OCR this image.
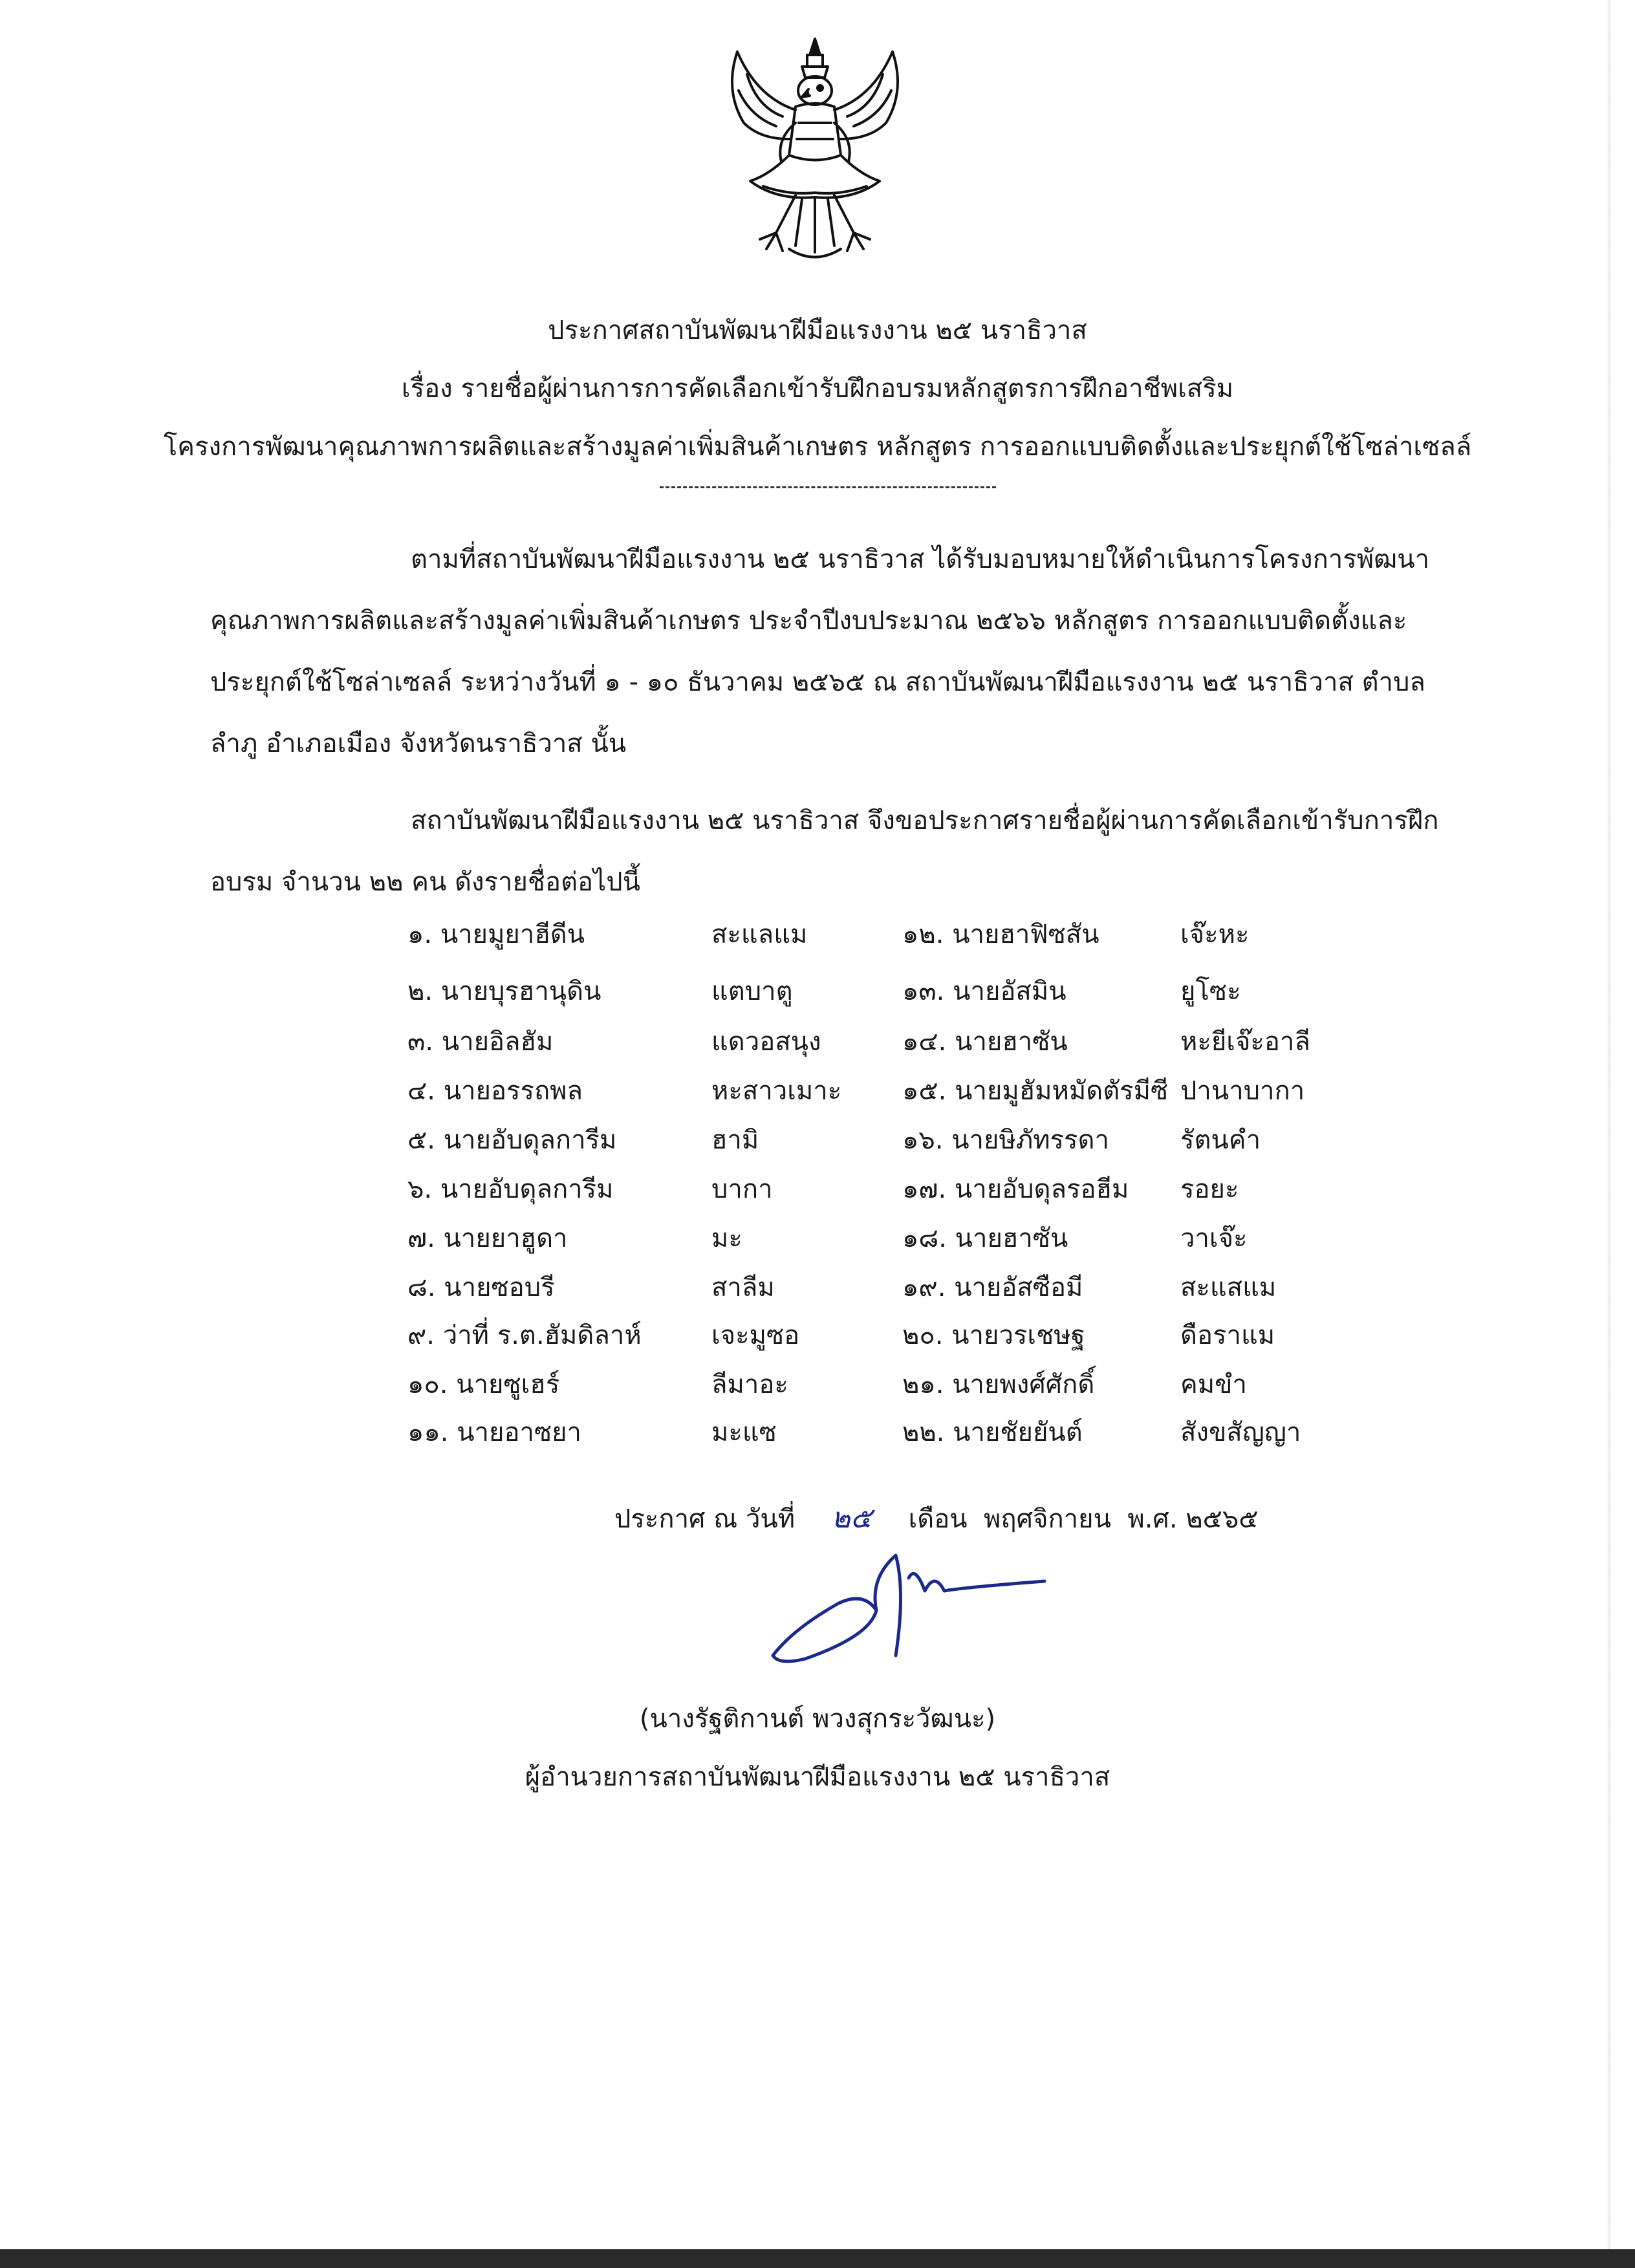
ประกาศสถาบันพัฒนาฝีมือแรงงาน ๒๕ นราธิวาส
เรื่อง รายชื่อผู้ผ่านการการคัดเลือกเข้ารับฝึกอบรมหลักสูตรการฝึกอาชีพเสริม
โครงการพัฒนาคุณภาพการผลิตและสร้างมูลค่าเพิ่มสินค้าเกษตร หลักสูตร การออกแบบติดตั้งและประยุกต์ใช้โซล่าเซลล์
ตามที่สถาบันพัฒนาฝีมือแรงงาน ๒๕ นราธิวาส ได้รับมอบหมายให้ดำเนินการโครงการพัฒนาคุณภาพการผลิตและสร้างมูลค่าเพิ่มสินค้าเกษตร ประจำปีงบประมาณ ๒๕๖๖ หลักสูตร การออกแบบติดตั้งและประยุกต์ใช้โซล่าเซลล์ ระหว่างวันที่ ๑ - ๑๐ ธันวาคม ๒๕๖๕ ณ สถาบันพัฒนาฝีมือแรงงาน ๒๕ นราธิวาส ตำบลลำภู อำเภอเมือง จังหวัดนราธิวาส นั้น
สถาบันพัฒนาฝีมือแรงงาน ๒๕ นราธิวาส จึงขอประกาศรายชื่อผู้ผ่านการคัดเลือกเข้ารับการฝึกอบรม จำนวน ๒๒ คน ดังรายชื่อต่อไปนี้
๑. นายมูยาฮีดีน	สะแลแม	๑๒. นายฮาฟิซสัน	เจ๊ะหะ
๒. นายบุรฮานุดิน	แตบาตู	๑๓. นายอัสมิน	ยูโซะ
๓. นายอิลฮัม	แดวอสนุง	๑๔. นายฮาซัน	หะยีเจ๊ะอาลี
๔. นายอรรถพล	หะสาวเมาะ ๑๕. นายมูฮัมหมัดตัรมีซี ปานาบากา
๕. นายอับดุลการีม	ฮามิ	๑๖. นายษิภัทรรดา	รัตนคำ
๖. นายอับดุลการีม	บากา	๑๗. นายอับดุลรอฮีม รอยะ
๗. นายยาฮูดา	มะ	๑๘. นายฮาซัน	วาเจ๊ะ
๘. นายซอบรี	สาลีม	๑๙. นายอัสซือมี	สะแสแม
๙. ว่าที่ ร.ต.ฮัมดิลาห์	เจะมูซอ	๒๐. นายวรเชษฐ	ดือราแม
๑๐. นายซูเฮร์	ลีมาอะ	๒๑. นายพงศ์ศักดิ์	คมขำ
๑๑. นายอาซยา	มะแซ	๒๒. นายชัยยันต์	สังขสัญญา
ประกาศ ณ วันที่ ๒๕ เดือน พฤศจิกายน พ.ศ. ๒๕๖๕
(นางรัฐติกานต์ พวงสุกระวัฒนะ)
ผู้อำนวยการสถาบันพัฒนาฝีมือแรงงาน ๒๕ นราธิวาส
